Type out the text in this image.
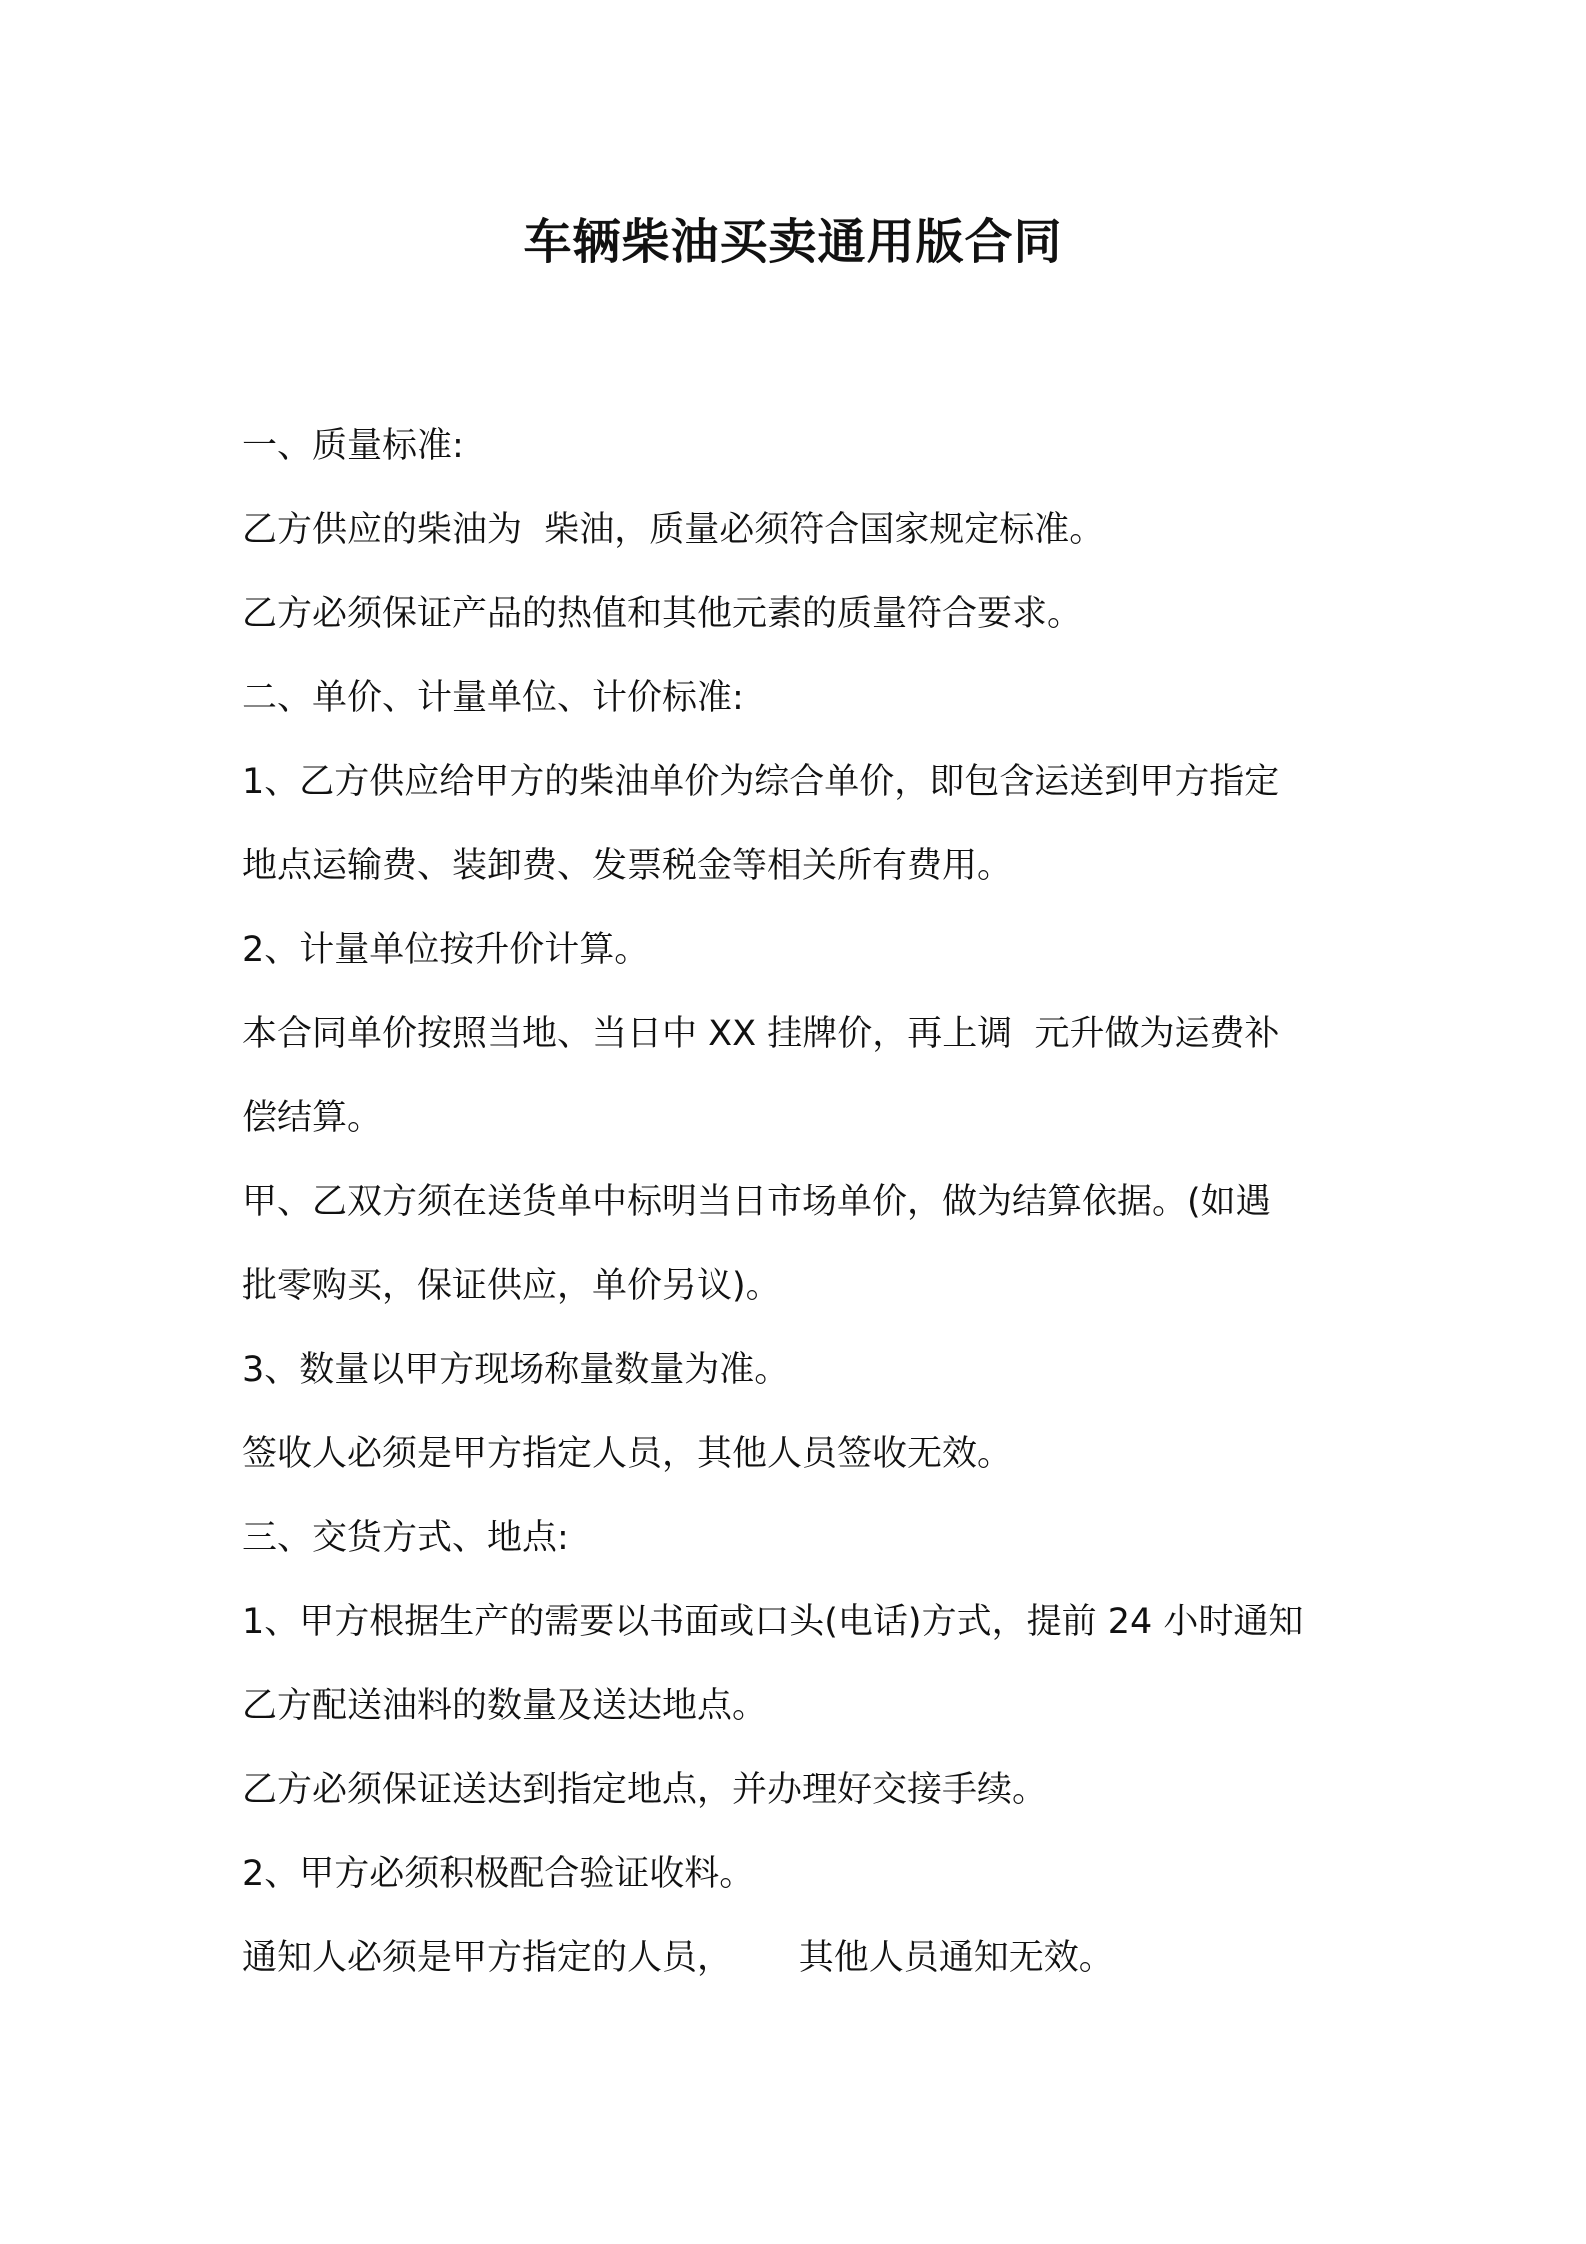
车辆柴油买卖通用版合同
一、质量标准:
乙方供应的柴油为  柴油，质量必须符合国家规定标准。
乙方必须保证产品的热值和其他元素的质量符合要求。
二、单价、计量单位、计价标准:
1、乙方供应给甲方的柴油单价为综合单价，即包含运送到甲方指定
地点运输费、装卸费、发票税金等相关所有费用。
2、计量单位按升价计算。
本合同单价按照当地、当日中 XX 挂牌价，再上调  元升做为运费补
偿结算。
甲、乙双方须在送货单中标明当日市场单价，做为结算依据。(如遇
批零购买，保证供应，单价另议)。
3、数量以甲方现场称量数量为准。
签收人必须是甲方指定人员，其他人员签收无效。
三、交货方式、地点:
1、甲方根据生产的需要以书面或口头(电话)方式，提前 24 小时通知
乙方配送油料的数量及送达地点。
乙方必须保证送达到指定地点，并办理好交接手续。
2、甲方必须积极配合验证收料。
通知人必须是甲方指定的人员，      其他人员通知无效。
